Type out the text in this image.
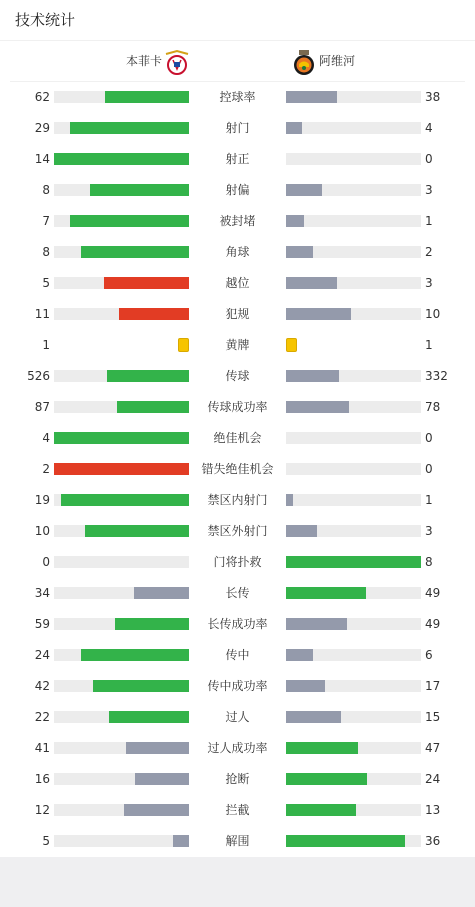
技术统计
本菲卡	阿维河
62	控球率	38
29	射门	4
14	射正	0
8	射偏	3
7	被封堵	1
8	角球	2
5	越位	3
11	犯规	10
1	黄牌	1
526	传球	332
87	传球成功率	78
4	绝佳机会	0
2	错失绝佳机会	0
19	禁区内射门	1
10	禁区外射门	3
0	门将扑救	8
34	长传	49
59	长传成功率	49
24	传中	6
42	传中成功率	17
22	过人	15
41	过人成功率	47
16	抢断	24
12	拦截	13
5	解围	36
